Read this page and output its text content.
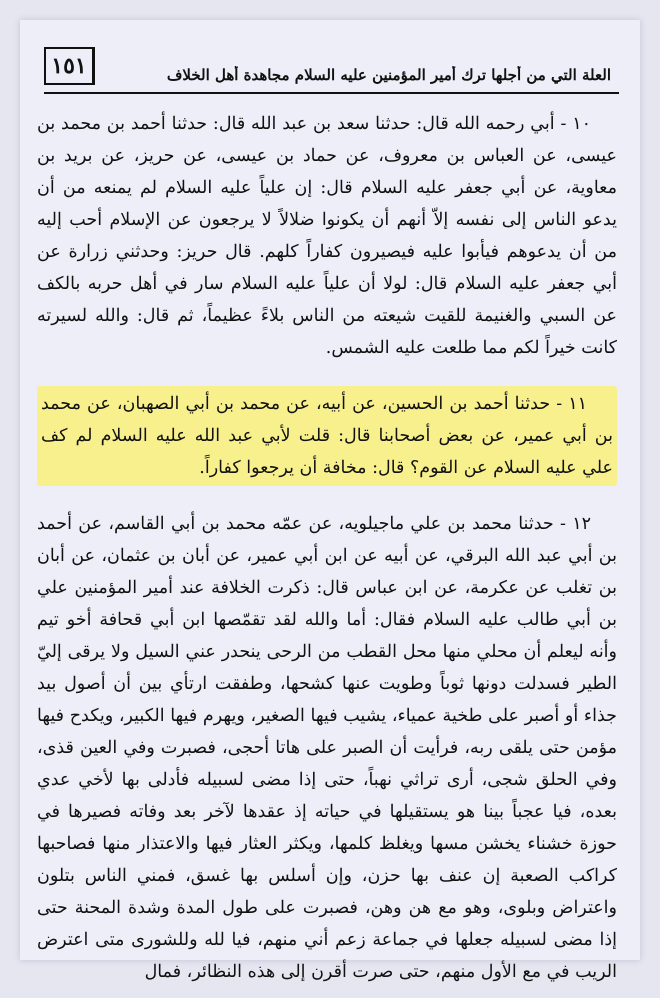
١٥١	العلة التي من أجلها ترك أمير المؤمنين عليه السلام مجاهدة أهل الخلاف

١٠ - أبي رحمه الله قال: حدثنا سعد بن عبد الله قال: حدثنا أحمد بن محمد بن عيسى، عن العباس بن معروف، عن حماد بن عيسى، عن حريز، عن بريد بن معاوية، عن أبي جعفر عليه السلام قال: إن علياً عليه السلام لم يمنعه من أن يدعو الناس إلى نفسه إلاّ أنهم أن يكونوا ضلالاً لا يرجعون عن الإسلام أحب إليه من أن يدعوهم فيأبوا عليه فيصيرون كفاراً كلهم. قال حريز: وحدثني زرارة عن أبي جعفر عليه السلام قال: لولا أن علياً عليه السلام سار في أهل حربه بالكف عن السبي والغنيمة للقيت شيعته من الناس بلاءً عظيماً، ثم قال: والله لسيرته كانت خيراً لكم مما طلعت عليه الشمس.

١١ - حدثنا أحمد بن الحسين، عن أبيه، عن محمد بن أبي الصهبان، عن محمد بن أبي عمير، عن بعض أصحابنا قال: قلت لأبي عبد الله عليه السلام لم كف علي عليه السلام عن القوم؟ قال: مخافة أن يرجعوا كفاراً.

١٢ - حدثنا محمد بن علي ماجيلويه، عن عمّه محمد بن أبي القاسم، عن أحمد بن أبي عبد الله البرقي، عن أبيه عن ابن أبي عمير، عن أبان بن عثمان، عن أبان بن تغلب عن عكرمة، عن ابن عباس قال: ذكرت الخلافة عند أمير المؤمنين علي بن أبي طالب عليه السلام فقال: أما والله لقد تقمّصها ابن أبي قحافة أخو تيم وأنه ليعلم أن محلي منها محل القطب من الرحى ينحدر عني السيل ولا يرقى إليّ الطير فسدلت دونها ثوباً وطويت عنها كشحها، وطفقت ارتأي بين أن أصول بيد جذاء أو أصبر على طخية عمياء، يشيب فيها الصغير، ويهرم فيها الكبير، ويكدح فيها مؤمن حتى يلقى ربه، فرأيت أن الصبر على هاتا أحجى، فصبرت وفي العين قذى، وفي الحلق شجى، أرى تراثي نهباً، حتى إذا مضى لسبيله فأدلى بها لأخي عدي بعده، فيا عجباً بينا هو يستقيلها في حياته إذ عقدها لآخر بعد وفاته فصيرها في حوزة خشناء يخشن مسها ويغلظ كلمها، ويكثر العثار فيها والاعتذار منها فصاحبها كراكب الصعبة إن عنف بها حزن، وإن أسلس بها غسق، فمني الناس بتلون واعتراض وبلوى، وهو مع هن وهن، فصبرت على طول المدة وشدة المحنة حتى إذا مضى لسبيله جعلها في جماعة زعم أني منهم، فيا لله وللشورى متى اعترض الريب في مع الأول منهم، حتى صرت أقرن إلى هذه النظائر، فمال
